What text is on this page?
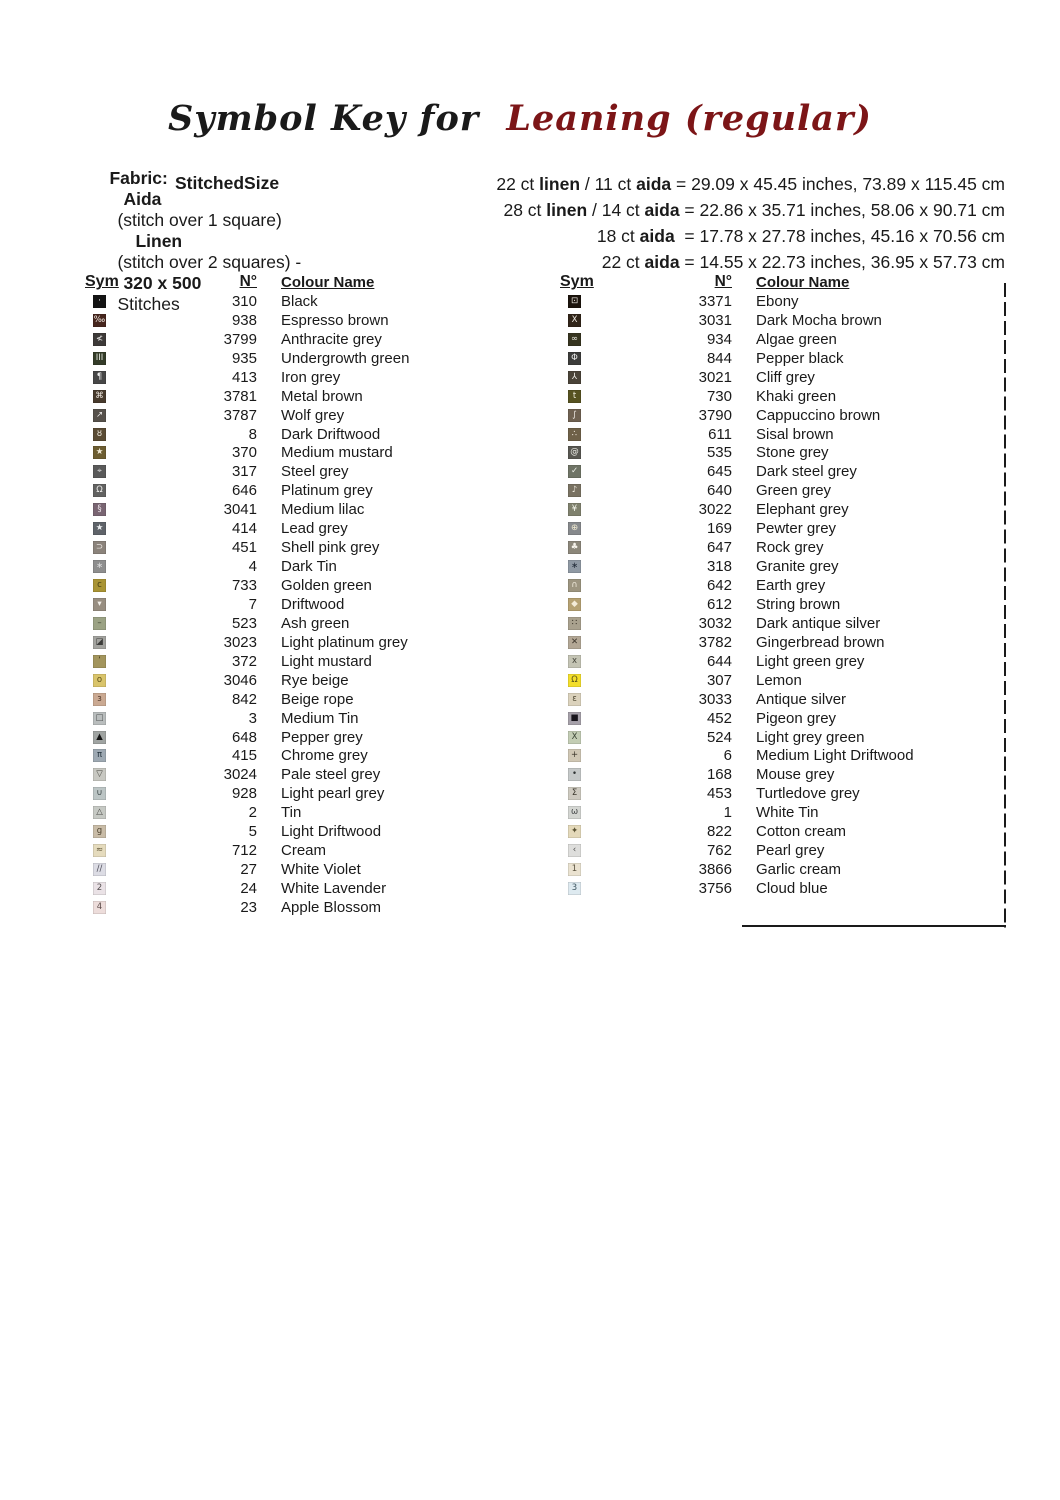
Symbol Key for Leaning (regular)

Fabric:
Aida
(stitch over 1 square)
Linen
(stitch over 2 squares) -
320 x 500
Stitches

StitchedSize	22 ct linen / 11 ct aida = 29.09 x 45.45 inches, 73.89 x 115.45 cm
28 ct linen / 14 ct aida = 22.86 x 35.71 inches, 58.06 x 90.71 cm
18 ct aida  = 17.78 x 27.78 inches, 45.16 x 70.56 cm
22 ct aida = 14.55 x 22.73 inches, 36.95 x 57.73 cm
Sym	N° Colour Name
·	310 Black
‰	938 Espresso brown
≮	3799 Anthracite grey
III	935 Undergrowth green
¶	413 Iron grey
⌘	3781 Metal brown
↗	3787 Wolf grey
ȣ	8 Dark Driftwood
★	370 Medium mustard
⌖	317 Steel grey
Ω	646 Platinum grey
§	3041 Medium lilac
★	414 Lead grey
⊃	451 Shell pink grey
∗	4 Dark Tin
c	733 Golden green
▾	7 Driftwood
–	523 Ash green
◪	3023 Light platinum grey
’	372 Light mustard
o	3046 Rye beige
ɜ	842 Beige rope
□	3 Medium Tin
▲	648 Pepper grey
π	415 Chrome grey
▽	3024 Pale steel grey
∪	928 Light pearl grey
△	2 Tin
g	5 Light Driftwood
≈	712 Cream
//	27 White Violet
2	24 White Lavender
4	23 Apple Blossom
Sym	N° Colour Name
⊡	3371 Ebony
X	3031 Dark Mocha brown
∞	934 Algae green
Φ	844 Pepper black
⅄	3021 Cliff grey
t	730 Khaki green
∫	3790 Cappuccino brown
∴	611 Sisal brown
@	535 Stone grey
✓	645 Dark steel grey
♪	640 Green grey
¥	3022 Elephant grey
⊕	169 Pewter grey
♣	647 Rock grey
∗	318 Granite grey
∩	642 Earth grey
◆	612 String brown
∷	3032 Dark antique silver
✕	3782 Gingerbread brown
x	644 Light green grey
Ω	307 Lemon
ε	3033 Antique silver
■	452 Pigeon grey
X	524 Light grey green
+	6 Medium Light Driftwood
•	168 Mouse grey
Σ	453 Turtledove grey
ω	1 White Tin
✦	822 Cotton cream
‹	762 Pearl grey
1	3866 Garlic cream
3	3756 Cloud blue
